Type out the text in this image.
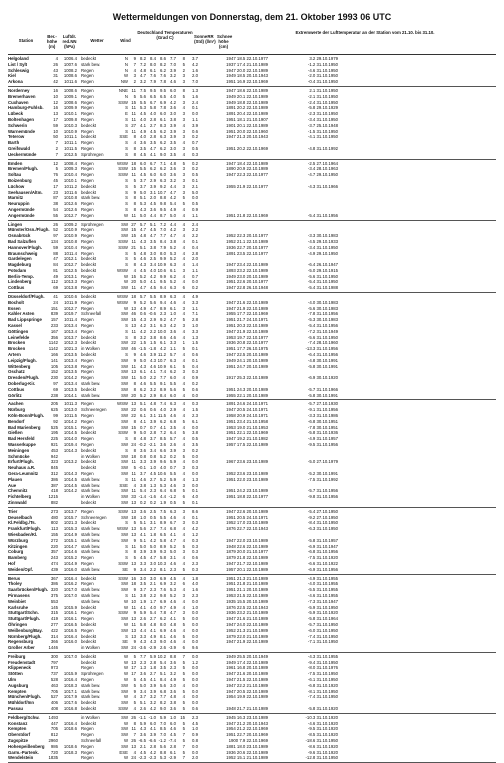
Wettermeldungen von Donnerstag, dem 21. Oktober 1993 06 UTC
Station
Ber.- höhe (m)
Luftdr. red.NN (hPa)
Wetter	Wind
Deutschland Temperaturen (Grad C)	Sonne (Std)
RR (l/m²)
Schnee höhe (cm)
Extremwerte der Lufttemperatur an der Station vom 21.10. bis 31.10.
Helgoland	4	1006.4 bedeckt	N	9 8.2 8.4 8.6 7.7	8	3.7	1947 18.5 22.10.1977	3.2 29.10.1979
List / Sylt	26	1007.6 stark bew.	N	7 7.2 8.0 8.2 7.0	5	4.2	1937 17.4 21.10.1989	-1.2 31.10.1950
Schleswig	43	1008.2 Regen	N	4 4.8 6.1 6.2 3.9	2	1.6	1947 20.0 22.10.1989	-4.6 31.10.1950
Kiel	31	1008.6 Regen	W	3 4.7 7.6 7.6 3.2	3	2.0	1949 18.5 20.10.1943	-2.0 31.10.1950
Arkona	42	1011.6 Regen	NW	2 3.2 7.9 7.8 4.6	3	7.0	1951 16.9 22.10.1969	-0.4 31.10.1950
Norderney	16	1008.6 Regen	NNE 11 7.5 9.5 9.5 6.0	8	1.3	1947 18.6 22.10.1989	2.1 31.10.1950
Bremerhaven	10	1009.1 Regen	N	5 5.6 6.5 6.5 4.0	5	1.6	1949 20.1 22.10.1989	-2.1 31.10.1950
Cuxhaven	12	1008.6 Regen	SSW 15 5.5 6.7 6.9 4.2	3	2.4	1949 18.8 22.10.1989	-2.4 31.10.1950
Hamburg-Fuhlsb.	16	1009.9 Regen	S 11 5.3 5.8 7.8 3.6	4	0.1	1891 20.2 22.10.1989	-5.8 29.10.1929
Lübeck	13	1010.1 Regen	E 11 4.5 4.0 6.0 3.0	3	0.0	1891 20.4 22.10.1989	-2.3 31.10.1950
Boltenhagen	17	1009.8 Regen	S 11 4.0 2.8 6.1 3.8	3	1.1	1951 18.1 21.10.1907	-3.4 31.10.1950
Schwerin	59	1010.3 bedeckt	S 27 4.1 2.7 8.3 3.9	4	3.9	1901 20.1 22.10.1989	-3.7 25.10.1948
Warnemünde	10	1010.9 Regen	S 11 4.9 4.5 6.2 3.9	3	0.6	1951 20.0 22.10.1960	-1.5 31.10.1950
Teterow	50	1011.1 bedeckt	SSE	8 4.0 2.8 6.3 3.9	3	0.2	1947 21.3 20.10.1943	-4.1 31.10.1950
Barth	7	1011.1 Regen	S	4 3.6 3.5 6.2 3.5	4	0.7
Greifswald	2	1011.5 Regen	S	8 3.5 4.7 6.2 3.0	3	0.5	1951 20.2 22.10.1969	-4.8 31.10.1992
Ueckermünde	7	1012.5 Sprühregen	S	8 4.5 4.1 9.0 3.5	4	0.3
Emden	12	1008.4 Regen	WSW 18 6.0 6.7 7.1 4.8	5	0.2	1947 18.4 22.10.1989	-2.5 27.10.1964
Bremen/Flugh.	5	1009.3 Regen	SSW 15 5.5 6.2 6.2 3.6	3	0.2	1890 20.9 22.10.1989	-3.4 28.10.1963
Soltau	76	1010.4 Regen	SSW 11 4.5 6.0 6.0 3.6	3	0.5	1947 22.3 22.10.1977	-4.7 29.10.1950
Boizenburg	45	1010.1 Regen	S	5 3.7 2.9 6.3 3.2	3	0.1
Lüchow	17	1011.2 bedeckt	S	5 3.7 3.9 9.2 4.4	3	2.1	1955 21.9 22.10.1977	-4.3 31.10.1966
Seehausen/Altm.	23	1011.6 bedeckt	S	9 5.0 3.1 10.7 4.7	3	5.0
Marnitz	87	1010.8 stark bew.	S	8 5.1 2.0 8.8 4.2	5	0.0
Neuruppin	38	1012.6 Regen	S	8 5.3 4.5 9.8 5.4	5	0.5
Angermünde	54	1012.6 Regen	S	8 4.3 3.6 9.5 4.9	4	0.9
Angermünde	55	1012.7 Regen	W 11 5.0 4.4 8.7 5.0	4	1.1	1951 21.8 22.10.1969	-5.4 31.10.1956
Lingen	26	1009.2 Sprühregen	SW 27 5.7 5.1 7.2 4.4	4	2.4
Münster/Osn./Flugh. 52	1010.9 Regen	SW 15 4.7 4.5 7.0 4.2	3	2.2
Osnabrück	97	1010.9 Regen	SW 15 4.8 4.7 7.7 4.7	4	2.2	1952 22.3 20.10.1977	-3.3 30.10.1983
Bad Salzuflen	134	1010.8 Regen	SSW 11 4.3 3.5 8.4 3.8	4	0.1	1952 21.1 22.10.1989	-4.5 29.10.1933
Hannover/Flugh.	59	1010.4 Regen	SSW 21 5.1 3.8 7.9 5.2	4	0.4	1936 22.7 20.10.1977	-3.4 31.10.1950
Braunschweig	88	1011.4 Regen	S	5 4.8 3.0 8.0 5.3	4	2.8	1891 23.5 22.10.1977	-4.9 29.10.1950
Gardelegen	47	1012.1 bedeckt	S	5 4.6 2.5 9.9 5.2	4	2.0
Magdeburg	84	1012.7 bedeckt	S	8 4.3 3.4 10.9 6.3	4	1.4	1947 23.4 22.10.1989	-6.4 26.10.1947
Potsdam	81	1012.5 bedeckt	WSW	4 4.5 4.0 10.6 6.1	3	1.1	1893 23.2 22.10.1989	-5.0 29.10.1915
Berlin-Temp.	49	1013.1 Regen	W 15 5.2 4.2 9.9 6.2	4	0.7	1949 23.0 20.10.1989	-5.6 31.10.1950
Lindenberg	112	1013.3 Regen	W 20 5.0 4.1 9.5 5.2	4	0.0	1951 22.6 20.10.1977	-5.4 31.10.1950
Cottbus	69	1013.8 Regen	SW 11 4.7 4.5 9.4 6.3	6	0.2	1947 22.8 26.10.1948	-5.4 31.10.1988
Düsseldorf/Flugh.	41	1010.6 bedeckt	WSW 18 5.7 5.5 8.9 6.3	4	4.9
Bocholt	24	1011.9 Regen	WSW	9 5.2 5.6 9.4 4.6	4	3.3	1947 21.6 22.10.1989	-4.0 30.10.1983
Essen	151	1012.7 Regen	W 13 4.9 4.7 8.9 6.1	3	1.1	1947 21.9 22.10.1989	-5.6 30.10.1983
Kahler Asten	839	1019.7 Schneefall	SW 46 0.6 -0.6 2.3 1.0	4	7.1	1955 17.7 22.10.1969	-7.8 31.10.1956
Bad Lippspringe	157	1011.4 Regen	SW 15 4.3 2.9 9.2 4.7	5	2.8	1951 21.7 24.10.1971	-5.3 30.10.1983
Kassel	233	1013.4 Regen	S 13 4.2 3.1 6.3 4.2	3	1.0	1951 20.3 22.10.1989	-5.4 31.10.1956
Göttingen	167	1013.4 Regen	S 11 4.2 2.2 10.0 3.6	4	3.3	1947 21.9 22.10.1989	-7.2 31.10.1949
Leinefelde	356	1013.7 bedeckt	S	8 3.2 3.8 8.6 4.6	4	1.3	1953 19.7 22.10.1977	-5.6 31.10.1950
Brocken	1142	1012.3 bedeckt	SW 22 1.5 1.5 6.1 3.3	1	1.5	1936 20.8 22.10.1977	-7.4 28.10.1960
Brocken	1142	1021.3 in Wolken	SW 46 -1.5 -1.8 4.2 1.1	5	0.1	1951 17.7 26.10.1975	-13.3 31.10.1956
Artern	166	1013.5 bedeckt	S	9 4.6 3.9 11.2 5.7	4	0.6	1947 22.5 20.10.1989	-6.4 31.10.1956
Leipzig/Flugh.	141	1013.4 Regen	SW	9 5.0 4.3 10.7 6.3	4	0.1	1949 24.1 20.10.1989	-4.8 30.10.1991
Wittenberg	105	1013.8 Regen	SW 11 4.3 4.6 10.9 6.1	5	0.4	1951 24.7 20.10.1989	-5.8 30.10.1991
Oschatz	152	1013.5 Regen	SW 13 6.1 4.1 7.4 6.2	3	0.3
Dresden/Flugh.	230	1014.2 Regen	SW 11 5.0 2.2 7.7 6.0	4	0.9	1917 25.3 22.10.1989	-6.9 30.10.1920
Doberlug-Kir.	97	1013.4 stark bew.	SW	8 4.6 5.5 9.1 5.5	4	0.2
Cottbus	69	1013.5 bedeckt	SW	8 6.2 3.2 8.9 5.6	5	0.6	1951 24.3 20.10.1989	-5.7 31.10.1966
Görlitz	238	1014.1 stark bew.	SW 20 5.2 2.9 8.4 6.0	4	0.0	1955 22.1 20.10.1989	-5.8 30.10.1991
Aachen	205	1011.3 Regen	WSW 13 5.1 4.8 7.4 6.3	4	0.3	1891 24.6 24.10.1971	-5.7 27.10.1930
Nürburg	625	1013.0 Schneeregen	SW 22 0.6 0.6 4.0 2.9	4	1.5	1947 20.5 24.10.1971	-9.1 31.10.1956
Köln-Bonn/Flugh.	99	1011.5 Regen	SW 22 6.1 3.1 11.5 4.6	4	2.3	1958 20.9 24.10.1971	-3.3 31.10.1986
Bendorf	92	1014.2 Regen	SW	8 4.1 3.9 6.2 6.8	5	6.1	1951 23.4 21.10.1958	-6.8 30.10.1951
Bad Marienberg	525	1015.1 Regen	SW 15 0.7 0.7 4.1 3.5	4	0.0	1953 19.0 21.10.1953	-7.8 30.10.1951
Gießen	195	1014.5 bedeckt	SSW	9 5.0 2.8 7.2 6.4	5	3.8	1951 22.1 22.10.1969	-5.8 31.10.1936
Bad Hersfeld	225	1014.0 Regen	S	8 4.8 3.7 8.5 5.7	4	0.5	1947 19.2 21.10.1982	-4.9 31.10.1957
Wasserkuppe	921	1019.4 Regen	SW 24 -0.2 -2.1 3.6 2.6	4	3.5	1957 17.5 22.10.1989	-9.5 31.10.1956
Meiningen	453	1014.3 bedeckt	S	8 3.6 3.4 6.6 3.9	3	0.2
Schmücke	942	in Wolken	SW 18 0.8 0.8 5.2 0.2	5	0.0
Erfurt/Flugh.	323	1013.2 bedeckt	SW 11 3.3 3.9 9.6 5.9	4	0.0	1967 23.6 23.10.1989	-5.0 27.10.1979
Neuhaus a.R.	845	bedeckt	SW	5 -0.1 1.0 4.0 0.7	3	0.3
Gera-Leumnitz	312	1014.3 Regen	SW 11 3.7 4.5 10.6 5.5	4	0.0	1952 23.6 23.10.1989	-5.2 30.10.1991
Plauen	386	1014.5 stark bew.	S 11 4.6 2.7 5.2 5.9	4	1.3	1951 22.0 23.10.1989	-7.5 31.10.1992
Aue	387	1014.5 stark bew.	SSE	4 3.8 1.3 5.3 4.6	3	0.0
Chemnitz	418	1014.2 stark bew.	SW 11 5.4 2.3 6.4 6.8	5	0.1	1951 24.2 23.10.1989	-5.7 31.10.1956
Fichtelberg	1215	in Wolken	SW 33 -1.4 -1.6 4.4 -1.2	6	4.0	1951 18.8 22.10.1977	-9.8 31.10.1956
Zinnwald	882	bedeckt	SW 13 0.2 0.2 1.9 0.5	5	0.1
Trier	273	1013.7 Regen	SSW 13 3.6 2.5 7.5 6.3	3	8.6	1947 22.6 20.10.1989	-5.4 27.10.1950
Deuselbach	480	1015.7 Schneeregen	SW 18 1.0 0.5 5.5 4.6	4	0.1	1951 20.5 24.10.1971	-9.2 27.10.1950
Kl.Feldbg./Ts.	802	1021.3 bedeckt	S	5 5.1 3.1 8.9 6.7	3	0.3	1952 17.0 23.10.1989	-8.4 31.10.1950
Frankfurt/Flugh.	113	1015.3 stark bew.	WSW 13 5.6 2.7 7.4 6.8	4	4.2	1876 22.7 22.10.1943	-6.3 31.10.1950
Wiesbaden/Kl.	155	1014.9 stark bew.	SW 13 4.1 1.8 6.5 4.1	4	1.2
Würzburg	272	1015.1 stark bew.	SW	9 5.1 4.2 5.8 4.7	4	0.3	1947 22.0 23.10.1989	-5.8 31.10.1957
Kitzingen	220	1014.7 stark bew.	S 11 5.0 5.0 8.9 5.2	5	0.3	1948 22.6 22.10.1989	-6.9 31.10.1947
Coburg	357	1014.6 stark bew.	S	8 3.9 3.9 9.3 5.0	3	0.3	1879 20.0 21.10.1977	-6.8 31.10.1956
Bamberg	243	1015.2 Regen	S	5 4.5 4.7 5.8 3.1	4	0.6	1879 21.8 22.10.1989	-7.5 31.10.1920
Hof	474	1014.9 Regen	SSW 13 3.3 3.0 10.3 4.6	4	2.3	1947 21.7 22.10.1989	-6.6 31.10.1922
Weiden/Opf.	439	1016.0 stark bew.	SE	9 3.4 2.2 8.1 2.3	5	0.3	1957 20.1 22.10.1989	-6.9 31.10.1956
Berus	367	1016.4 bedeckt	SSW 16 3.0 3.0 6.9 4.5	4	1.8	1951 21.3 21.10.1989	-4.9 31.10.1955
Tholey	386	1016.2 Regen	SW 18 3.5 2.1 6.9 3.2	6	4.0	1951 21.8 21.10.1989	-4.0 31.10.1955
Saarbrücken/Flugh. 320	1017.0 stark bew.	SW	9 3.7 2.3 7.6 5.3	4	1.6	1951 21.1 20.10.1989	-5.5 31.10.1955
Pirmasens	375	1017.0 stark bew.	S 11 3.8 2.2 9.8 5.2	3	2.3	1953 21.5 22.10.1989	-4.6 31.10.1955
Weinbiet	553	stark bew.	W 10 1.9 1.7 6.9 4.6	4	0.0	1935 15.5 20.10.1989	-7.3 31.10.1947
Karlsruhe	145	1015.9 bedeckt	W 11 4.1 4.0 9.7 4.9	4	1.0	1876 22.5 22.10.1943	-5.9 31.10.1950
Stuttgart/Schn.	315	1016.1 Regen	SSW	9 5.9 5.4 7.8 4.7	3	0.0	1936 23.2 21.10.1989	-5.9 31.10.1920
Stuttgart/Flugh.	419	1016.1 Regen	SW 13 2.6 2.7 6.2 4.1	5	0.0	1947 21.6 21.10.1989	-5.8 31.10.1964
Öhringen	277	1016.5 bedeckt	W 11 5.8 4.8 8.0 4.8	5	0.0	1947 24.0 22.10.1989	-5.7 31.10.1950
Weißenburg/Bay.	422	1016.5 Regen	SW 13 4.4 4.1 6.9 4.6	4	0.0	1952 21.3 21.10.1989	-6.0 31.10.1950
Nürnberg/Flugh.	314	1016.4 bedeckt	S 13 3.3 4.9 8.1 4.6	5	0.0	1879 22.0 21.10.1989	-7.4 31.10.1950
Regensburg	366	1016.0 bedeckt	SE	9 4.3 4.3 9.0 4.6	4	0.0	1947 21.9 22.10.1989	-7.1 31.10.1950
Großer Arber	1446	in Wolken	SW 24 -3.6 -2.9 2.6 -3.9	6	9.6
Freiburg	300	1017.0 bedeckt	W	5 7.7 5.9 10.2 8.8	7	0.0	1949 25.5 20.10.1949	-4.3 31.10.1955
Freudenstadt	797	bedeckt	W 13 2.3 2.8 5.4 3.6	5	1.2	1949 17.4 22.10.1989	-9.4 31.10.1950
Klippeneck	973	Regen	W 17 1.3 1.8 3.5 2.3	5	0.0	1961 16.8 20.10.1989	-8.0 31.10.1976
Stötten	737	1015.9 Sprühregen	W 17 3.6 2.7 5.1 3.2	5	0.0	1947 21.6 20.10.1989	-7.5 31.10.1950
Ulm	528	1016.4 Regen	W	5 4.5 4.1 8.4 4.9	5	0.0	1947 21.5 22.10.1989	-6.1 31.10.1950
Augsburg	463	1018.3 stark bew.	SW	5 5.0 3.9 5.6 3.0	4	0.0	1947 22.2 21.10.1989	-6.8 31.10.1920
Kempten	705	1017.1 stark bew.	SW	9 3.4 3.9 6.8 3.6	5	0.0	1947 20.5 22.10.1989	-8.1 31.10.1950
München/Flugh.	527	1017.9 stark bew.	W	4 3.7 3.2 7.7 4.8	4	0.0	1954 19.9 22.10.1989	-7.4 31.10.1950
Mühldorf/Inn	406	1017.6 bedeckt	SW	5 5.1 3.2 8.2 3.8	5	0.0
Passau	408	1016.8 bedeckt	SSW	4 2.6 4.2 9.0 3.6	5	0.6	1948 21.7 21.10.1989	-5.8 31.10.1920
Feldberg/Schw.	1493	in Wolken	SW 26 -1.1 -1.0 5.9 1.0 15	2.3	1945 16.3 23.10.1989	-10.3 31.10.1920
Konstanz	447	1016.4 bedeckt	W	8 5.9 6.0 7.0 6.0	5	4.5	1947 21.2 20.10.1943	-4.6 31.10.1920
Kempten	705	1018.6 Regen	SW 11 4.3 4.1 8.5 4.6	5	1.0	1954 21.2 22.10.1969	-9.5 31.10.1920
Oberstdorf	812	Regen	SW	7 3.6 3.9 7.0 4.5	7	0.9	1951 22.7 20.10.1969	-8.5 31.10.1920
Zugspitze	2960	Schneefall	W 26 -6.5 -6.6 -1.2 -7.4	5	0.8	1900 7.9 22.10.1969	-18.6 31.10.1950
Hohenpeißenberg	986	1018.6 Regen	SW 13 2.1 2.8 5.6 2.8	7	0.0	1881 18.0 23.10.1989	-8.6 31.10.1920
Garm.-Partenk.	720	1018.3 Regen	ESE	4 4.5 4.2 8.8 6.1	5	0.0	1936 20.6 22.10.1989	-9.6 31.10.1920
Wendelstein	1835	Regen	W 24 -2.3 -2.3 5.3 -2.9	7	2.0	1952 15.1 21.10.1989	-12.8 31.10.1950
